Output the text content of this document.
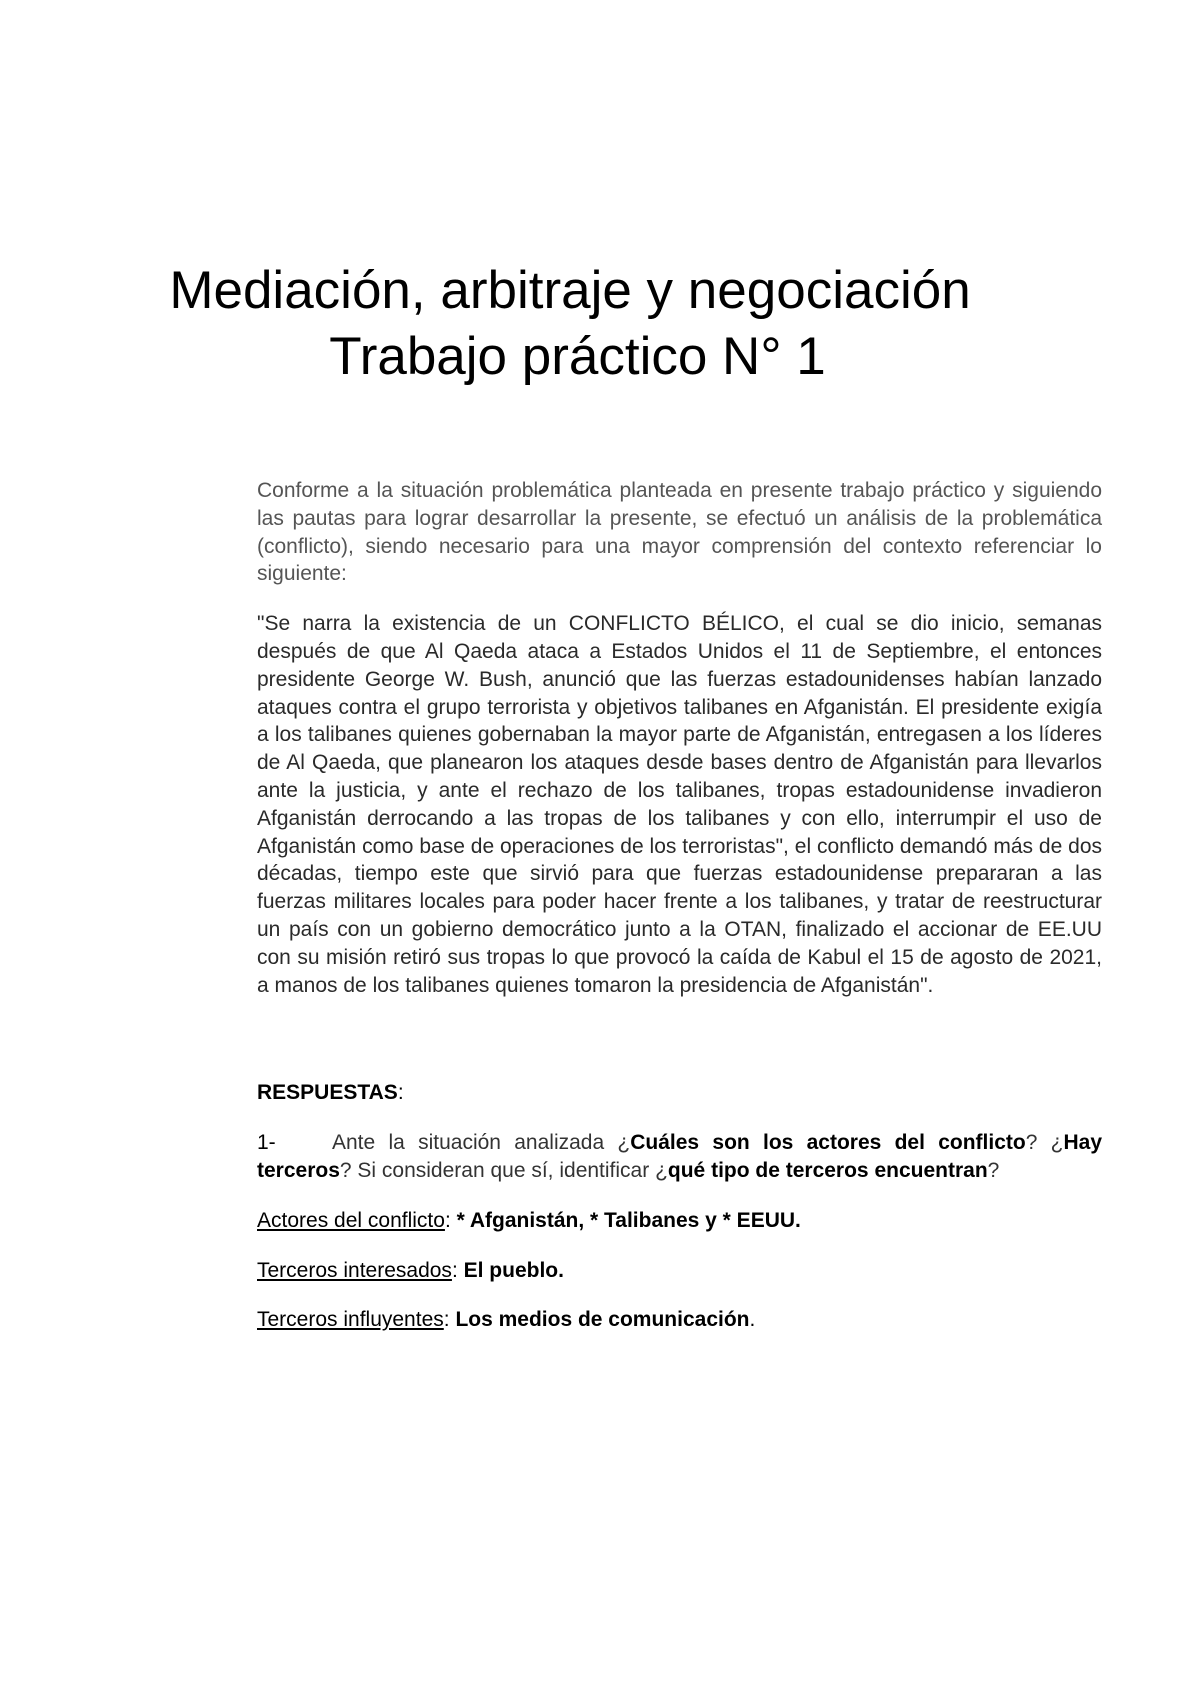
Mediación, arbitraje y negociación
Trabajo práctico N° 1

Conforme a la situación problemática planteada en presente trabajo práctico y siguiendo las pautas para lograr desarrollar la presente, se efectuó un análisis de la problemática (conflicto), siendo necesario para una mayor comprensión del contexto referenciar lo siguiente:

"Se narra la existencia de un CONFLICTO BÉLICO, el cual se dio inicio, semanas después de que Al Qaeda ataca a Estados Unidos el 11 de Septiembre, el entonces presidente George W. Bush, anunció que las fuerzas estadounidenses habían lanzado ataques contra el grupo terrorista y objetivos talibanes en Afganistán. El presidente exigía a los talibanes quienes gobernaban la mayor parte de Afganistán, entregasen a los líderes de Al Qaeda, que planearon los ataques desde bases dentro de Afganistán para llevarlos ante la justicia, y ante el rechazo de los talibanes, tropas estadounidense invadieron Afganistán derrocando a las tropas de los talibanes y con ello, interrumpir el uso de Afganistán como base de operaciones de los terroristas", el conflicto demandó más de dos décadas, tiempo este que sirvió para que fuerzas estadounidense prepararan a las fuerzas militares locales para poder hacer frente a los talibanes, y tratar de reestructurar un país con un gobierno democrático junto a la OTAN, finalizado el accionar de EE.UU con su misión retiró sus tropas lo que provocó la caída de Kabul el 15 de agosto de 2021, a manos de los talibanes quienes tomaron la presidencia de Afganistán".

RESPUESTAS:

1-	Ante la situación analizada ¿Cuáles son los actores del conflicto? ¿Hay terceros? Si consideran que sí, identificar ¿qué tipo de terceros encuentran?

Actores del conflicto: * Afganistán, * Talibanes y * EEUU.

Terceros interesados: El pueblo.

Terceros influyentes: Los medios de comunicación.
